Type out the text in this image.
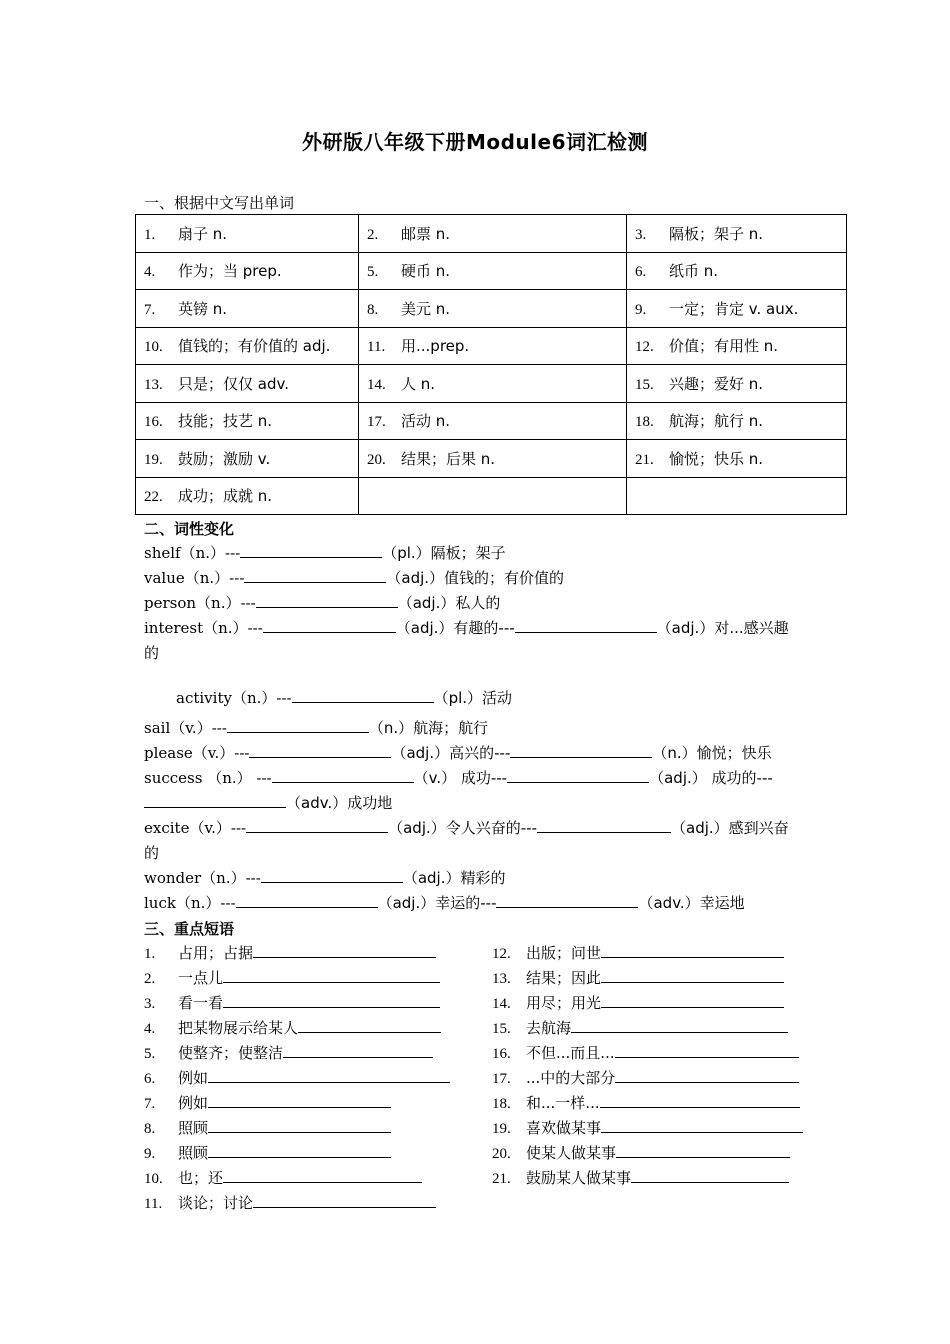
外研版八年级下册Module6词汇检测
一、根据中文写出单词
1. 扇子 n.	2. 邮票 n.	3. 隔板；架子 n.
4. 作为；当 prep.	5. 硬币 n.	6. 纸币 n.
7. 英镑 n.	8. 美元 n.	9. 一定；肯定 v. aux.
10. 值钱的；有价值的 adj.	11. 用...prep.	12. 价值；有用性 n.
13. 只是；仅仅 adv.	14. 人 n.	15. 兴趣；爱好 n.
16. 技能；技艺 n.	17. 活动 n.	18. 航海；航行 n.
19. 鼓励；激励 v.	20. 结果；后果 n.	21. 愉悦；快乐 n.
22. 成功；成就 n.		
二、词性变化
shelf（n.）---	（pl.）隔板；架子
value（n.）---	（adj.）值钱的；有价值的
person（n.）---	（adj.）私人的
interest（n.）---	（adj.）有趣的---	（adj.）对...感兴趣
的
activity（n.）---	（pl.）活动
sail（v.）---	（n.）航海；航行
please（v.）---	（adj.）高兴的---	（n.）愉悦；快乐
success （n.） ---	（v.） 成功---	（adj.） 成功的---
（adv.）成功地
excite（v.）---	（adj.）令人兴奋的---	（adj.）感到兴奋
的
wonder（n.）---	（adj.）精彩的
luck（n.）---	（adj.）幸运的---	（adv.）幸运地
三、重点短语
1. 占用；占据
2. 一点儿
3. 看一看
4. 把某物展示给某人
5. 使整齐；使整洁
6. 例如
7. 例如
8. 照顾
9. 照顾
10. 也；还
11. 谈论；讨论
12. 出版；问世
13. 结果；因此
14. 用尽；用光
15. 去航海
16. 不但...而且...
17. ...中的大部分
18. 和...一样...
19. 喜欢做某事
20. 使某人做某事
21. 鼓励某人做某事
